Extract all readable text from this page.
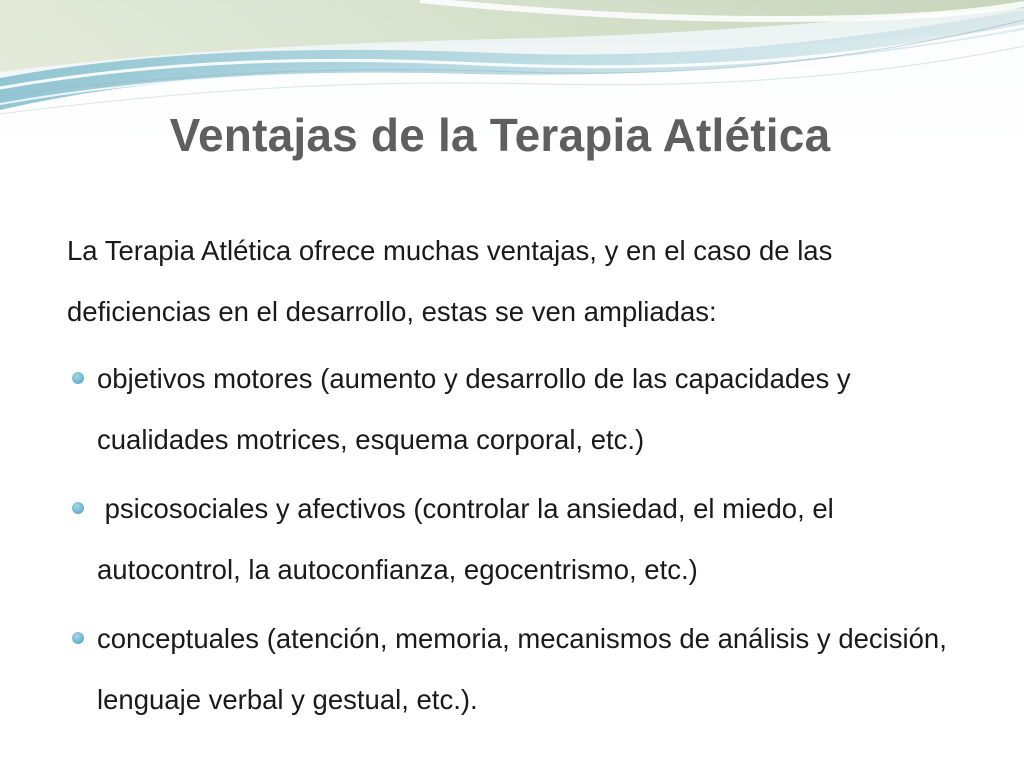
Ventajas de la Terapia Atlética

La Terapia Atlética ofrece muchas ventajas, y en el caso de las deficiencias en el desarrollo, estas se ven ampliadas:

objetivos motores (aumento y desarrollo de las capacidades y cualidades motrices, esquema corporal, etc.)
psicosociales y afectivos (controlar la ansiedad, el miedo, el autocontrol, la autoconfianza, egocentrismo, etc.)
conceptuales (atención, memoria, mecanismos de análisis y decisión, lenguaje verbal y gestual, etc.).
